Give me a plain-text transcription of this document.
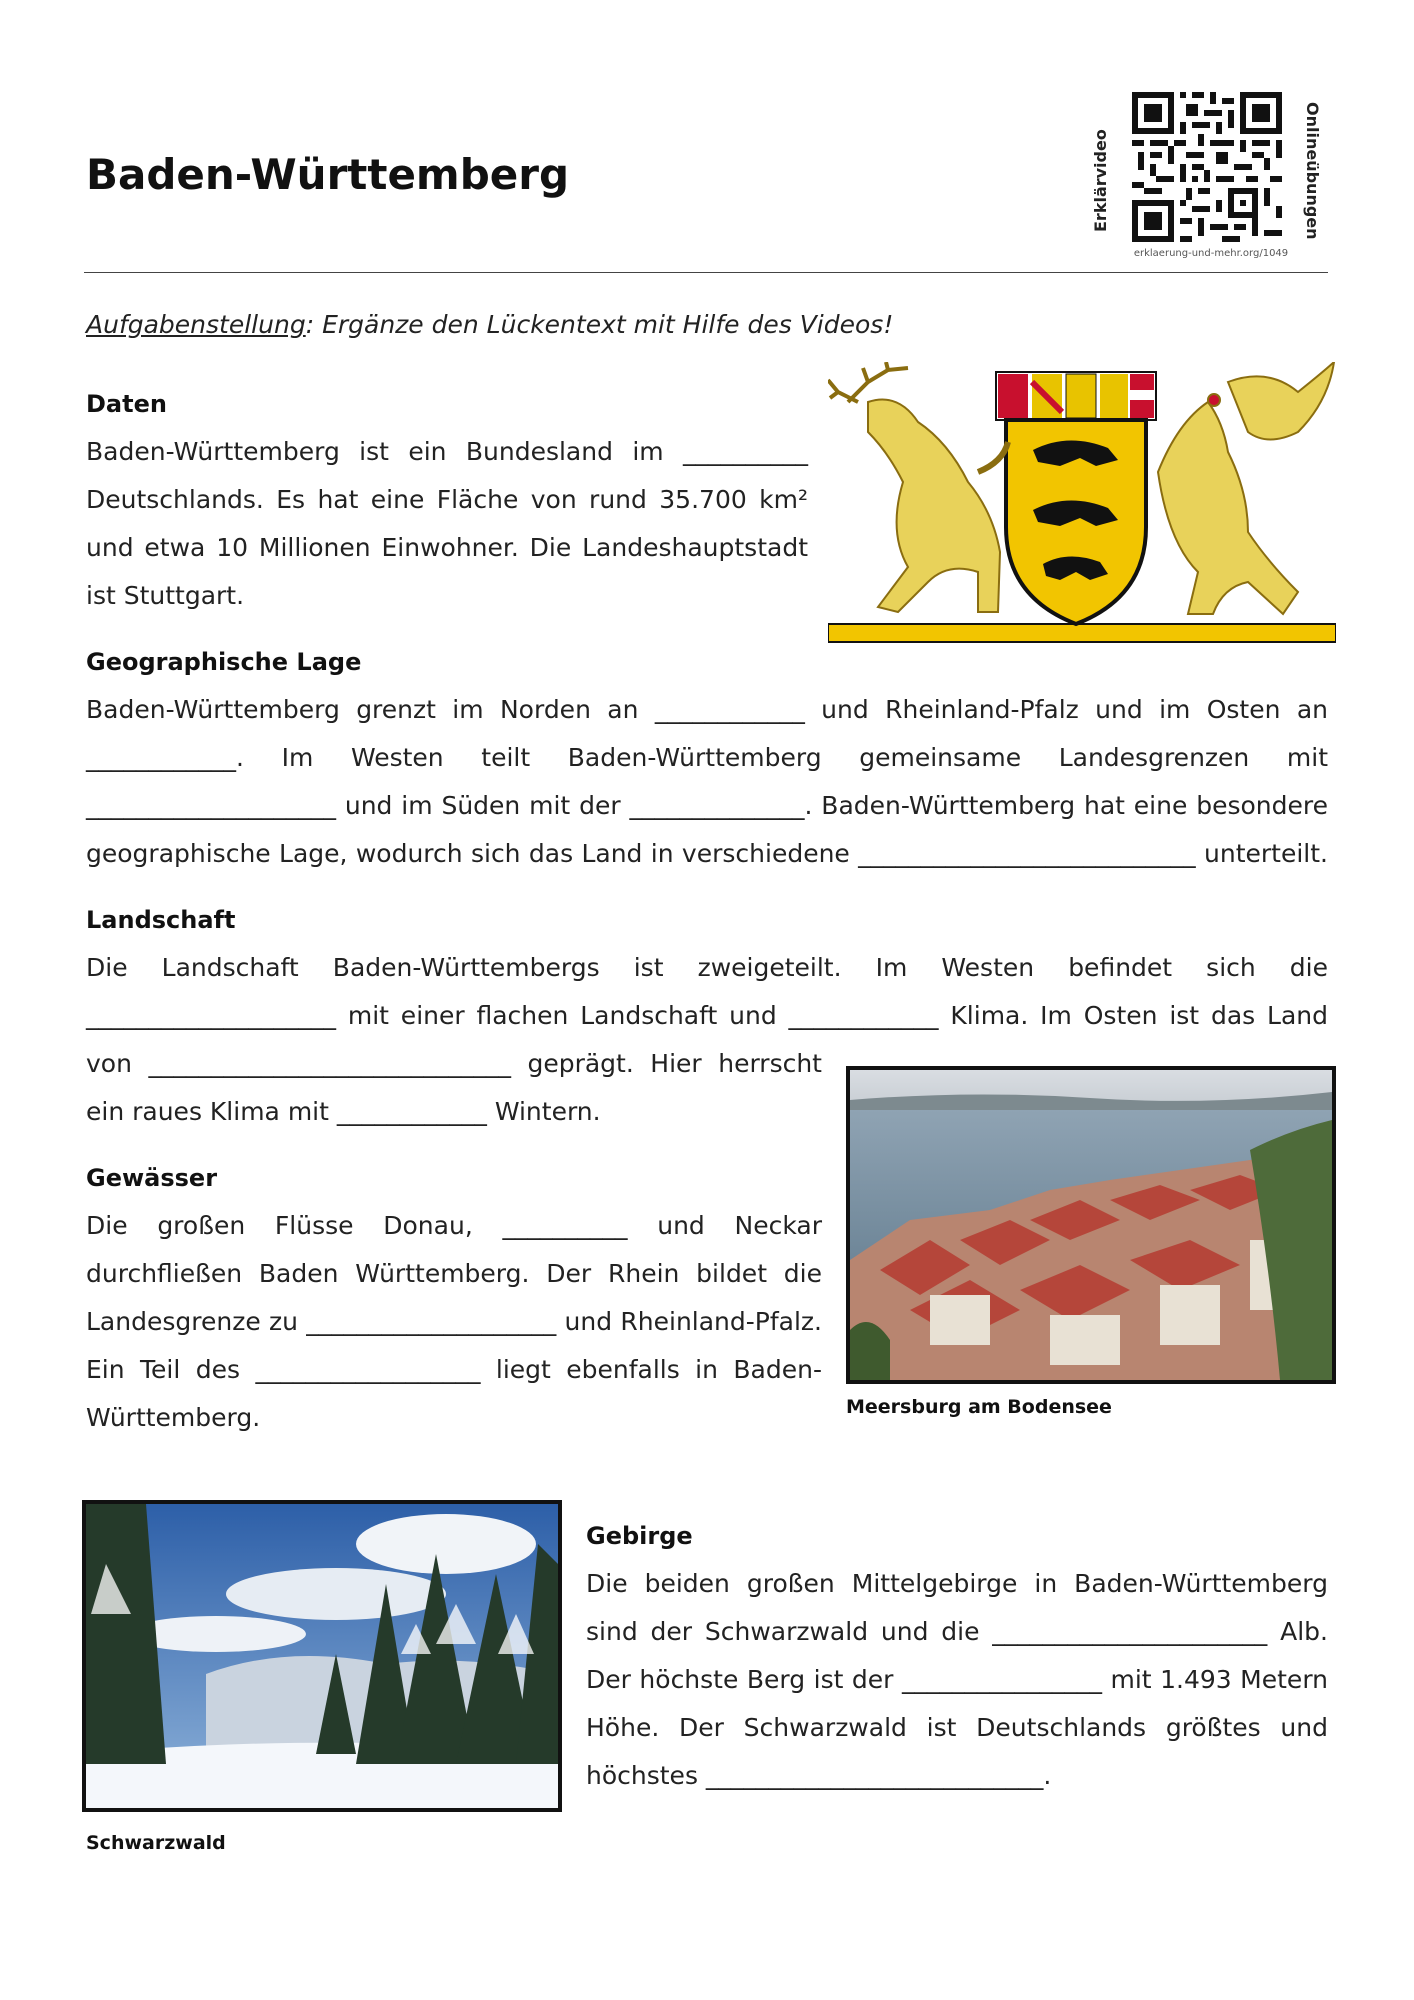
Baden-Württemberg	Erklärvideo
erklaerung-und-mehr.org/1049
Onlineübungen
Aufgabenstellung: Ergänze den Lückentext mit Hilfe des Videos!
Daten

Baden-Württemberg ist ein Bundesland im __________ Deutschlands. Es hat eine Fläche von rund 35.700 km² und etwa 10 Millionen Einwohner. Die Landeshauptstadt ist Stuttgart.

Geographische Lage

Baden-Württemberg grenzt im Norden an ____________ und Rheinland-Pfalz und im Osten an ____________. Im Westen teilt Baden-Württemberg gemeinsame Landesgrenzen mit ____________________ und im Süden mit der ______________. Baden-Württemberg hat eine besondere geographische Lage, wodurch sich das Land in verschiedene ___________________________ unterteilt.

Landschaft

Die Landschaft Baden-Württembergs ist zweigeteilt. Im Westen befindet sich die ____________________ mit einer flachen Landschaft und ____________ Klima. Im Osten ist das Land

von _____________________________ geprägt. Hier herrscht ein raues Klima mit ____________ Wintern.

Gewässer

Die großen Flüsse Donau, __________ und Neckar durchfließen Baden Württemberg. Der Rhein bildet die Landesgrenze zu ____________________ und Rheinland-Pfalz. Ein Teil des __________________ liegt ebenfalls in Baden-Württemberg.	Meersburg am Bodensee
Schwarzwald
Gebirge

Die beiden großen Mittelgebirge in Baden-Württemberg sind der Schwarzwald und die ______________________ Alb. Der höchste Berg ist der ________________ mit 1.493 Metern Höhe. Der Schwarzwald ist Deutschlands größtes und höchstes ___________________________.
